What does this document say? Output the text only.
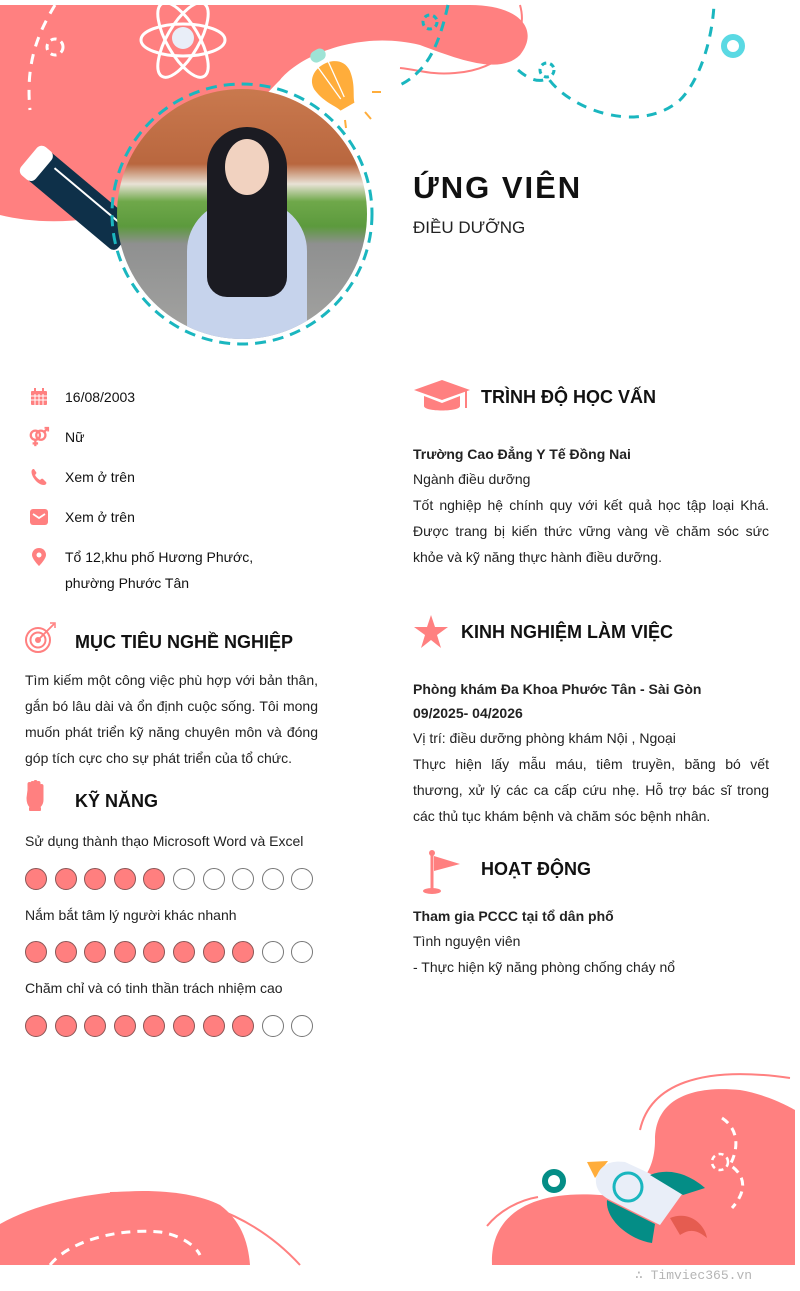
ỨNG VIÊN
ĐIỀU DƯỠNG
16/08/2003
Nữ
Xem ở trên
Xem ở trên
Tổ 12,khu phố Hương Phước, phường Phước Tân
MỤC TIÊU NGHỀ NGHIỆP
Tìm kiếm một công việc phù hợp với bản thân, gắn bó lâu dài và ổn định cuộc sống. Tôi mong muốn phát triển kỹ năng chuyên môn và đóng góp tích cực cho sự phát triển của tổ chức.
KỸ NĂNG
Sử dụng thành thạo Microsoft Word và Excel
Nắm bắt tâm lý người khác nhanh
Chăm chỉ và có tinh thần trách nhiệm cao
TRÌNH ĐỘ HỌC VẤN
Trường Cao Đẳng Y Tế Đồng Nai
Ngành điều dưỡng
Tốt nghiệp hệ chính quy với kết quả học tập loại Khá. Được trang bị kiến thức vững vàng về chăm sóc sức khỏe và kỹ năng thực hành điều dưỡng.
KINH NGHIỆM LÀM VIỆC
Phòng khám Đa Khoa Phước Tân - Sài Gòn
09/2025- 04/2026
Vị trí: điều dưỡng phòng khám Nội , Ngoại
Thực hiện lấy mẫu máu, tiêm truyền, băng bó vết thương, xử lý các ca cấp cứu nhẹ. Hỗ trợ bác sĩ trong các thủ tục khám bệnh và chăm sóc bệnh nhân.
HOẠT ĐỘNG
Tham gia PCCC tại tổ dân phố
Tình nguyện viên
- Thực hiện kỹ năng phòng chống cháy nổ
∴ Timviec365.vn
